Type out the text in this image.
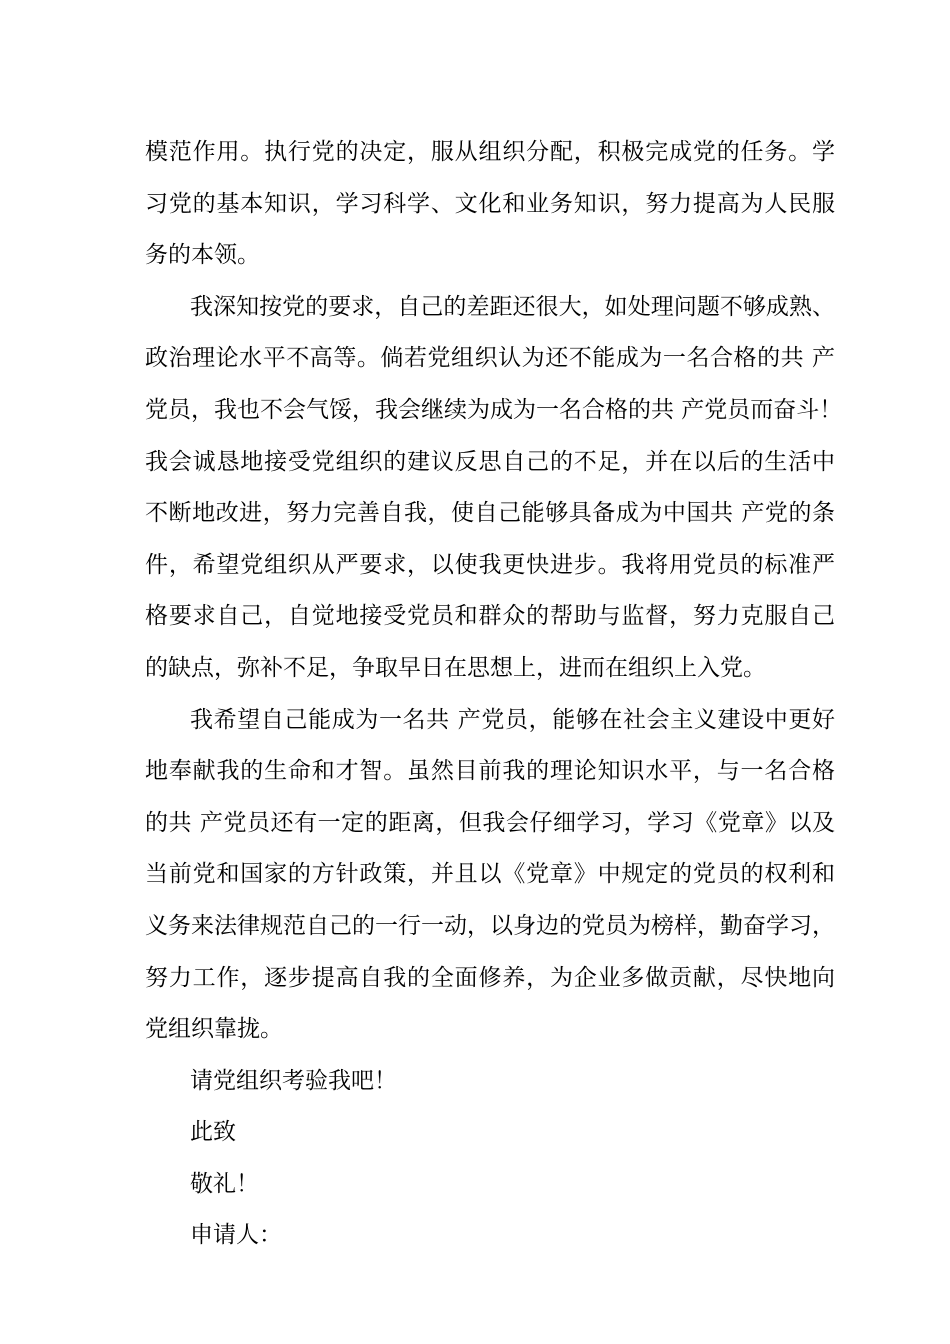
模范作用。执行党的决定，服从组织分配，积极完成党的任务。学
习党的基本知识，学习科学、文化和业务知识，努力提高为人民服
务的本领。
我深知按党的要求，自己的差距还很大，如处理问题不够成熟、
政治理论水平不高等。倘若党组织认为还不能成为一名合格的共 产
党员，我也不会气馁，我会继续为成为一名合格的共 产党员而奋斗！
我会诚恳地接受党组织的建议反思自己的不足，并在以后的生活中
不断地改进，努力完善自我，使自己能够具备成为中国共 产党的条
件，希望党组织从严要求，以使我更快进步。我将用党员的标准严
格要求自己，自觉地接受党员和群众的帮助与监督，努力克服自己
的缺点，弥补不足，争取早日在思想上，进而在组织上入党。
我希望自己能成为一名共 产党员，能够在社会主义建设中更好
地奉献我的生命和才智。虽然目前我的理论知识水平，与一名合格
的共 产党员还有一定的距离，但我会仔细学习，学习《党章》以及
当前党和国家的方针政策，并且以《党章》中规定的党员的权利和
义务来法律规范自己的一行一动，以身边的党员为榜样，勤奋学习，
努力工作，逐步提高自我的全面修养，为企业多做贡献，尽快地向
党组织靠拢。
请党组织考验我吧！
此致
敬礼！
申请人：
